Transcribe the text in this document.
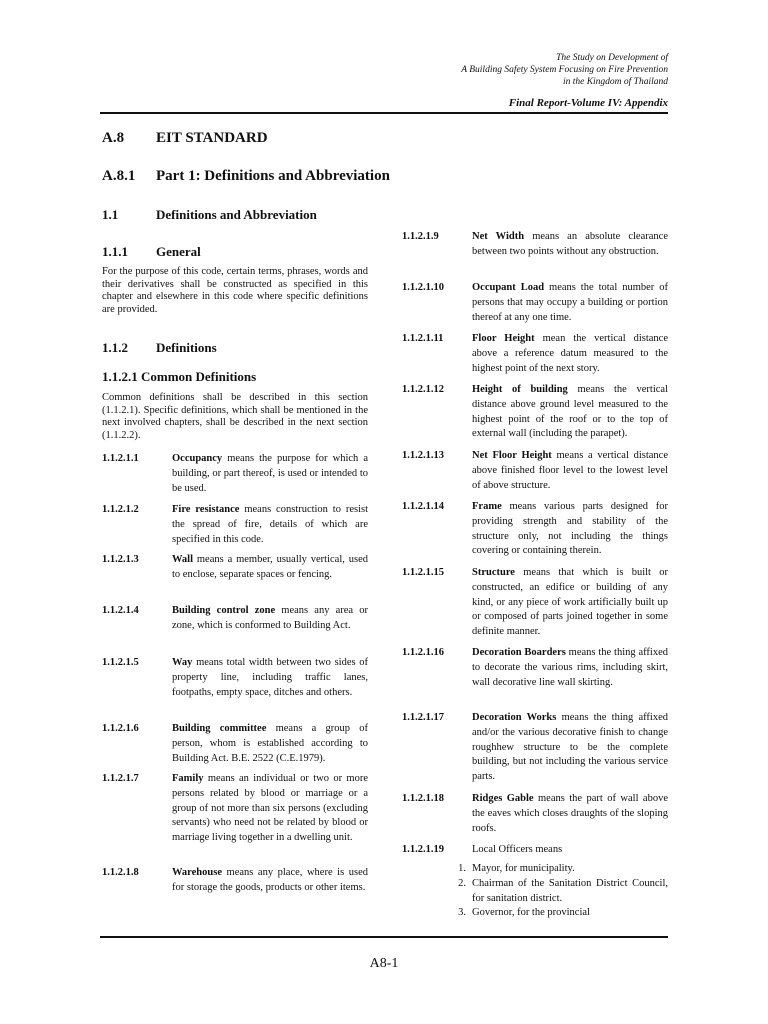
The Study on Development of
A Building Safety System Focusing on Fire Prevention
in the Kingdom of Thailand
Final Report-Volume IV: Appendix
A.8	EIT STANDARD
A.8.1	Part 1: Definitions and Abbreviation
1.1	Definitions and Abbreviation
1.1.1	General

For the purpose of this code, certain terms, phrases, words and their derivatives shall be constructed as specified in this chapter and elsewhere in this code where specific definitions are provided.

1.1.2	Definitions
1.1.2.1 Common Definitions

Common definitions shall be described in this section (1.1.2.1). Specific definitions, which shall be mentioned in the next involved chapters, shall be described in the next section (1.1.2.2).

1.1.2.1.1	Occupancy means the purpose for which a building, or part thereof, is used or intended to be used.
1.1.2.1.2	Fire resistance means construction to resist the spread of fire, details of which are specified in this code.
1.1.2.1.3	Wall means a member, usually vertical, used to enclose, separate spaces or fencing.
1.1.2.1.4	Building control zone means any area or zone, which is conformed to Building Act.
1.1.2.1.5	Way means total width between two sides of property line, including traffic lanes, footpaths, empty space, ditches and others.
1.1.2.1.6	Building committee means a group of person, whom is established according to Building Act. B.E. 2522 (C.E.1979).
1.1.2.1.7	Family means an individual or two or more persons related by blood or marriage or a group of not more than six persons (excluding servants) who need not be related by blood or marriage living together in a dwelling unit.
1.1.2.1.8	Warehouse means any place, where is used for storage the goods, products or other items.
1.1.2.1.9	Net Width means an absolute clearance between two points without any obstruction.
1.1.2.1.10	Occupant Load means the total number of persons that may occupy a building or portion thereof at any one time.
1.1.2.1.11	Floor Height mean the vertical distance above a reference datum measured to the highest point of the next story.
1.1.2.1.12	Height of building means the vertical distance above ground level measured to the highest point of the roof or to the top of external wall (including the parapet).
1.1.2.1.13	Net Floor Height means a vertical distance above finished floor level to the lowest level of above structure.
1.1.2.1.14	Frame means various parts designed for providing strength and stability of the structure only, not including the things covering or containing therein.
1.1.2.1.15	Structure means that which is built or constructed, an edifice or building of any kind, or any piece of work artificially built up or composed of parts joined together in some definite manner.
1.1.2.1.16	Decoration Boarders means the thing affixed to decorate the various rims, including skirt, wall decorative line wall skirting.
1.1.2.1.17	Decoration Works means the thing affixed and/or the various decorative finish to change roughhew structure to be the complete building, but not including the various service parts.
1.1.2.1.18	Ridges Gable means the part of wall above the eaves which closes draughts of the sloping roofs.
1.1.2.1.19	Local Officers means
1. Mayor, for municipality.
2. Chairman of the Sanitation District Council, for sanitation district.
3. Governor, for the provincial
A8-1
